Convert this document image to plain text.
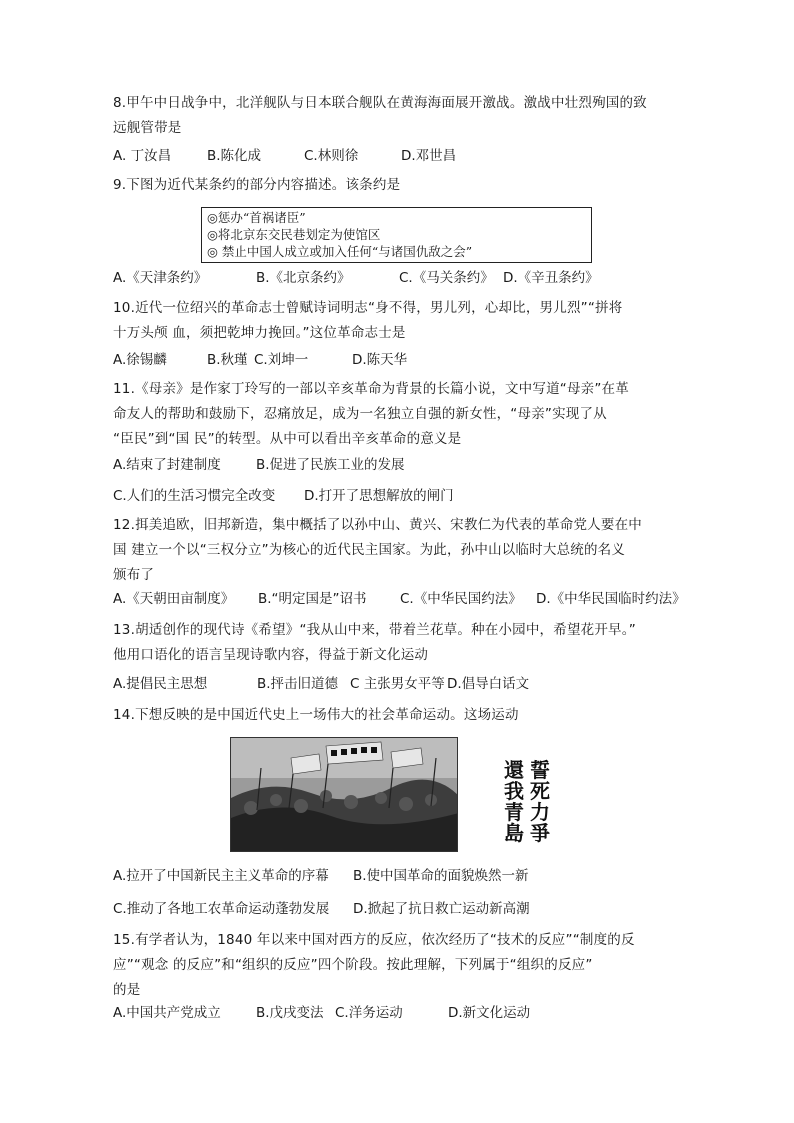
8.甲午中日战争中，北洋舰队与日本联合舰队在黄海海面展开激战。激战中壮烈殉国的致
远舰管带是
A. 丁汝昌	B.陈化成	C.林则徐	D.邓世昌
9.下图为近代某条约的部分内容描述。该条约是
◎惩办“首祸诸臣”
◎将北京东交民巷划定为使馆区
◎ 禁止中国人成立或加入任何“与诸国仇敌之会”
A.《天津条约》	B.《北京条约》	C.《马关条约》 D.《辛丑条约》
10.近代一位绍兴的革命志士曾赋诗词明志“身不得，男儿列，心却比，男儿烈”“拼将
十万头颅 血，须把乾坤力挽回。”这位革命志士是
A.徐锡麟	B.秋瑾 C.刘坤一	D.陈天华
11.《母亲》是作家丁玲写的一部以辛亥革命为背景的长篇小说，文中写道“母亲”在革
命友人的帮助和鼓励下，忍痛放足，成为一名独立自强的新女性，“母亲”实现了从
“臣民”到“国 民”的转型。从中可以看出辛亥革命的意义是
A.结束了封建制度	B.促进了民族工业的发展
C.人们的生活习惯完全改变 D.打开了思想解放的闸门
12.挕美追欧，旧邦新造，集中概括了以孙中山、黄兴、宋教仁为代表的革命党人要在中
国 建立一个以“三权分立”为核心的近代民主国家。为此，孙中山以临时大总统的名义
颁布了
A.《天朝田亩制度》 B.“明定国是”诏书 C.《中华民国约法》 D.《中华民国临时约法》
13.胡适创作的现代诗《希望》“我从山中来，带着兰花草。种在小园中，希望花开早。”
他用口语化的语言呈现诗歌内容，得益于新文化运动
A.提倡民主思想	B.抨击旧道德 C 主张男女平等 D.倡导白话文
14.下想反映的是中国近代史上一场伟大的社会革命运动。这场运动
誓死力爭
還我青島
A.拉开了中国新民主主义革命的序幕 B.使中国革命的面貌焕然一新
C.推动了各地工农革命运动蓬勃发展 D.掀起了抗日救亡运动新高潮
15.有学者认为，1840 年以来中国对西方的反应，依次经历了“技术的反应”“制度的反
应”“观念 的反应”和“组织的反应”四个阶段。按此理解，下列属于“组织的反应”
的是
A.中国共产党成立	B.戊戌变法 C.洋务运动	D.新文化运动
